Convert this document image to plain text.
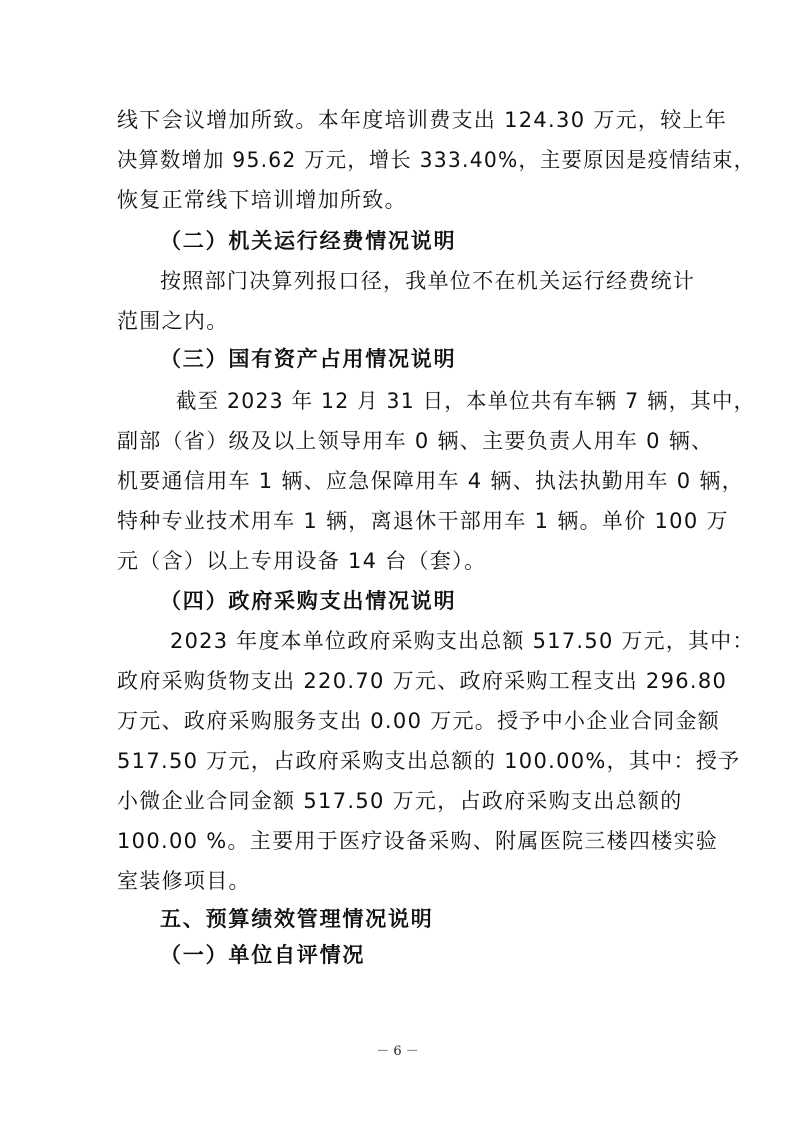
线下会议增加所致。本年度培训费支出 124.30 万元，较上年
决算数增加 95.62 万元，增长 333.40%，主要原因是疫情结束，
恢复正常线下培训增加所致。
（二）机关运行经费情况说明
按照部门决算列报口径，我单位不在机关运行经费统计
范围之内。
（三）国有资产占用情况说明
截至 2023 年 12 月 31 日，本单位共有车辆 7 辆，其中，
副部（省）级及以上领导用车 0 辆、主要负责人用车 0 辆、
机要通信用车 1 辆、应急保障用车 4 辆、执法执勤用车 0 辆，
特种专业技术用车 1 辆，离退休干部用车 1 辆。单价 100 万
元（含）以上专用设备 14 台（套）。
（四）政府采购支出情况说明
2023 年度本单位政府采购支出总额 517.50 万元，其中：
政府采购货物支出 220.70 万元、政府采购工程支出 296.80
万元、政府采购服务支出 0.00 万元。授予中小企业合同金额
517.50 万元，占政府采购支出总额的 100.00%，其中：授予
小微企业合同金额 517.50 万元，占政府采购支出总额的
100.00 %。主要用于医疗设备采购、附属医院三楼四楼实验
室装修项目。
五、预算绩效管理情况说明
（一）单位自评情况
－ 6 －
